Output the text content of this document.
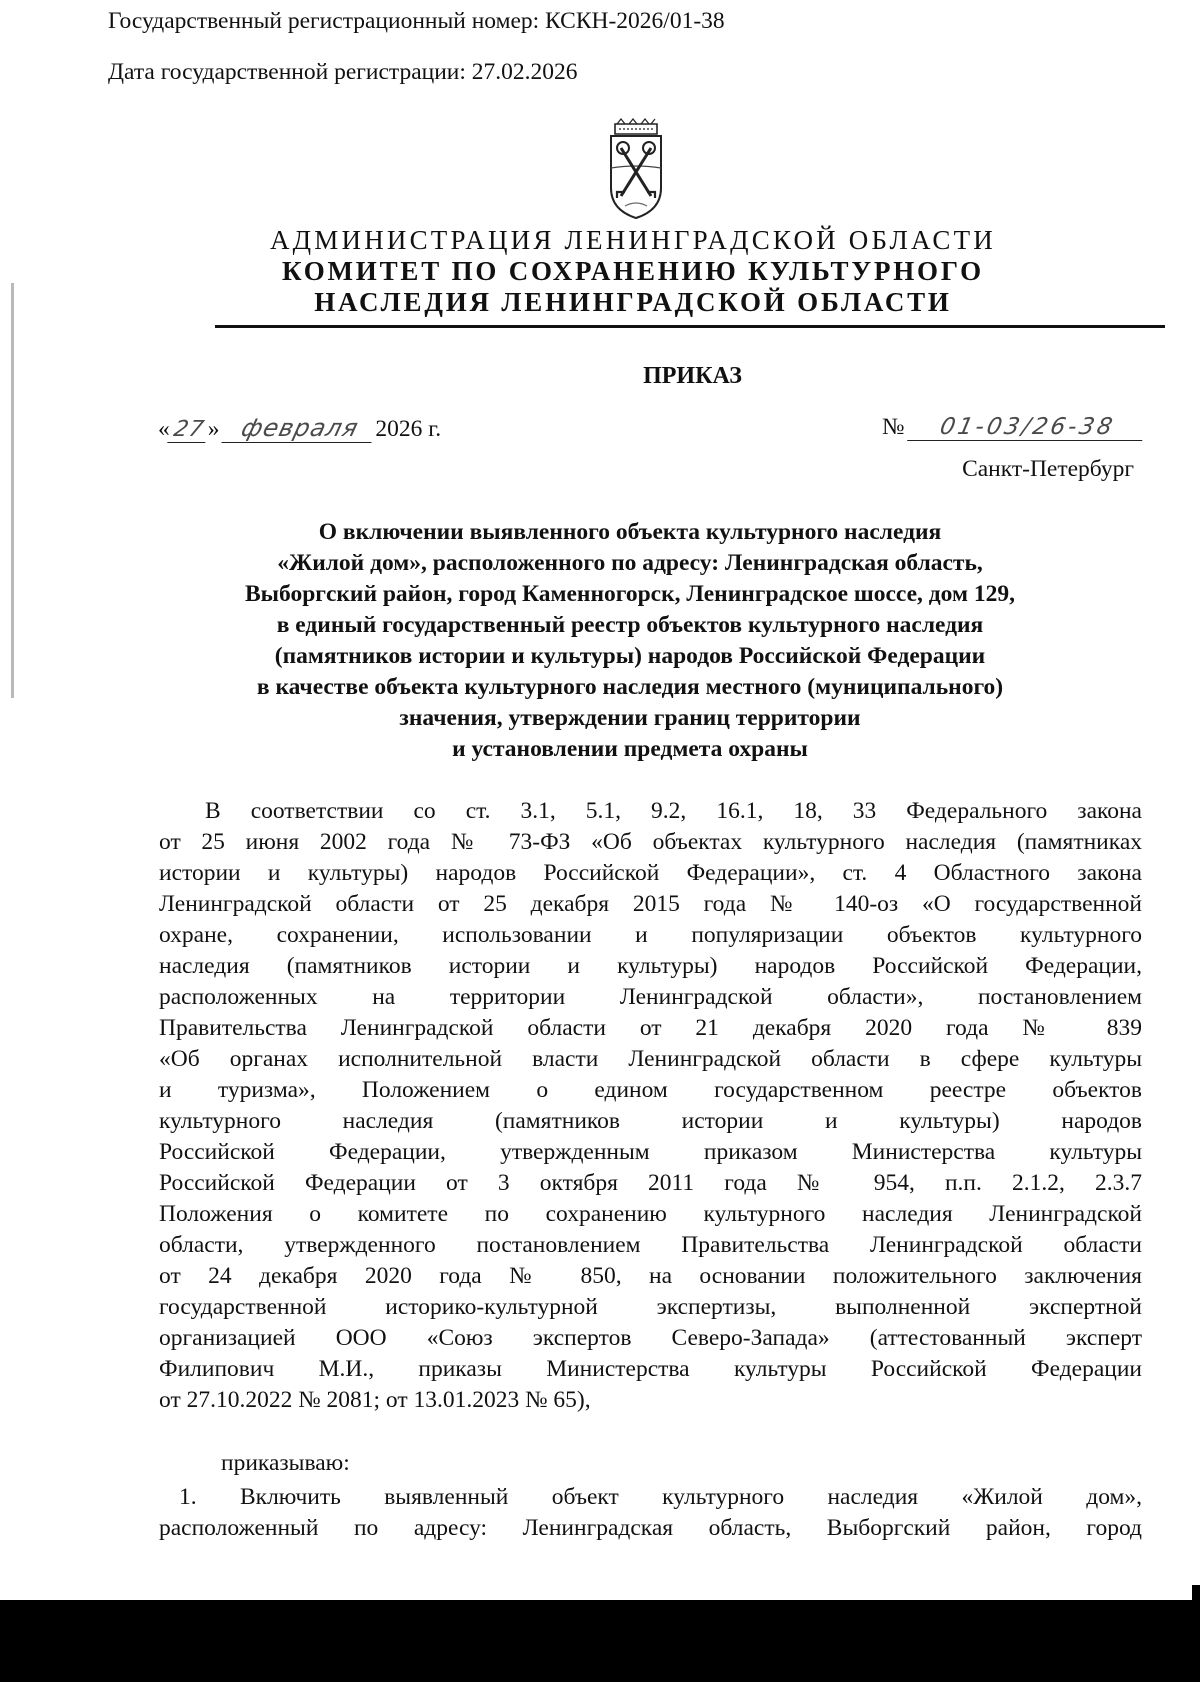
Государственный регистрационный номер: КСКН-2026/01-38
Дата государственной регистрации: 27.02.2026
АДМИНИСТРАЦИЯ ЛЕНИНГРАДСКОЙ ОБЛАСТИ
КОМИТЕТ ПО СОХРАНЕНИЮ КУЛЬТУРНОГО
НАСЛЕДИЯ ЛЕНИНГРАДСКОЙ ОБЛАСТИ
ПРИКАЗ
«27» февраля 2026 г.	№ 01-03/26-38
Санкт-Петербург
О включении выявленного объекта культурного наследия
«Жилой дом», расположенного по адресу: Ленинградская область,
Выборгский район, город Каменногорск, Ленинградское шоссе, дом 129,
в единый государственный реестр объектов культурного наследия
(памятников истории и культуры) народов Российской Федерации
в качестве объекта культурного наследия местного (муниципального)
значения, утверждении границ территории
и установлении предмета охраны
В соответствии со ст. 3.1, 5.1, 9.2, 16.1, 18, 33 Федерального закона
от 25 июня 2002 года № 73-ФЗ «Об объектах культурного наследия (памятниках
истории и культуры) народов Российской Федерации», ст. 4 Областного закона
Ленинградской области от 25 декабря 2015 года № 140-оз «О государственной
охране, сохранении, использовании и популяризации объектов культурного
наследия (памятников истории и культуры) народов Российской Федерации,
расположенных на территории Ленинградской области», постановлением
Правительства Ленинградской области от 21 декабря 2020 года № 839
«Об органах исполнительной власти Ленинградской области в сфере культуры
и туризма», Положением о едином государственном реестре объектов
культурного наследия (памятников истории и культуры) народов
Российской Федерации, утвержденным приказом Министерства культуры
Российской Федерации от 3 октября 2011 года № 954, п.п. 2.1.2, 2.3.7
Положения о комитете по сохранению культурного наследия Ленинградской
области, утвержденного постановлением Правительства Ленинградской области
от 24 декабря 2020 года № 850, на основании положительного заключения
государственной историко-культурной экспертизы, выполненной экспертной
организацией ООО «Союз экспертов Северо-Запада» (аттестованный эксперт
Филипович М.И., приказы Министерства культуры Российской Федерации
от 27.10.2022 № 2081; от 13.01.2023 № 65),
приказываю:
1. Включить выявленный объект культурного наследия «Жилой дом»,
расположенный по адресу: Ленинградская область, Выборгский район, город
